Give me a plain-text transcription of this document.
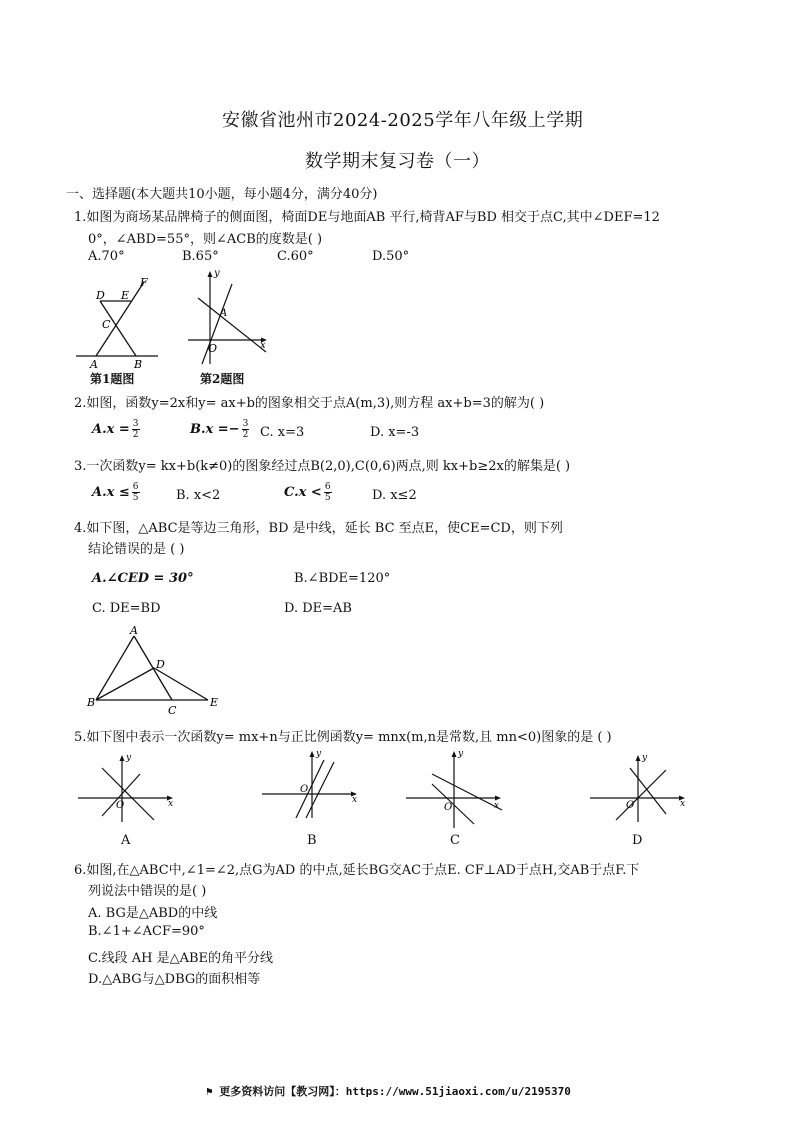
安徽省池州市2024-2025学年八年级上学期
数学期末复习卷（一）
一、选择题(本大题共10小题，每小题4分，满分40分)
1.如图为商场某品牌椅子的侧面图，椅面DE与地面AB 平行,椅背AF与BD 相交于点C,其中∠DEF=12
0°，∠ABD=55°，则∠ACB的度数是( )
A.70°	B.65°	C.60°	D.50°
D E
F
C
A	B
第1题图
y
A
O	x
第2题图
2.如图，函数y=2x和y= ax+b的图象相交于点A(m,3),则方程 ax+b=3的解为( )
$A.x = \frac{3}{2}$	$B.x =- \frac{3}{2} C$. x=3	D. x=-3
3.一次函数y= kx+b(k≠0)的图象经过点B(2,0),C(0,6)两点,则 kx+b≥2x的解集是( )
$A.x \le \frac{6}{5}$	B. x<2	$C.x < \frac{6}{5}$	D. x≤2
4.如下图，△ABC是等边三角形，BD 是中线，延长 BC 至点E，使CE=CD，则下列
结论错误的是 ( )
A.∠CED = 30°	B.∠BDE=120°
C. DE=BD	D. DE=AB
A
D
B
C
E
5.如下图中表示一次函数y= mx+n与正比例函数y= mnx(m,n是常数,且 mn<0)图象的是 ( )
y
O	x
A
y
O
x
B
y
O	x
C
y
O	x
D
6.如图,在△ABC中,∠1=∠2,点G为AD 的中点,延长BG交AC于点E. CF⊥AD于点H,交AB于点F.下
列说法中错误的是( )
A. BG是△ABD的中线
B.∠1+∠ACF=90°
C.线段 AH 是△ABE的角平分线
D.△ABG与△DBG的面积相等
⚑ 更多资料访问【教习网】：https://www.51jiaoxi.com/u/2195370
